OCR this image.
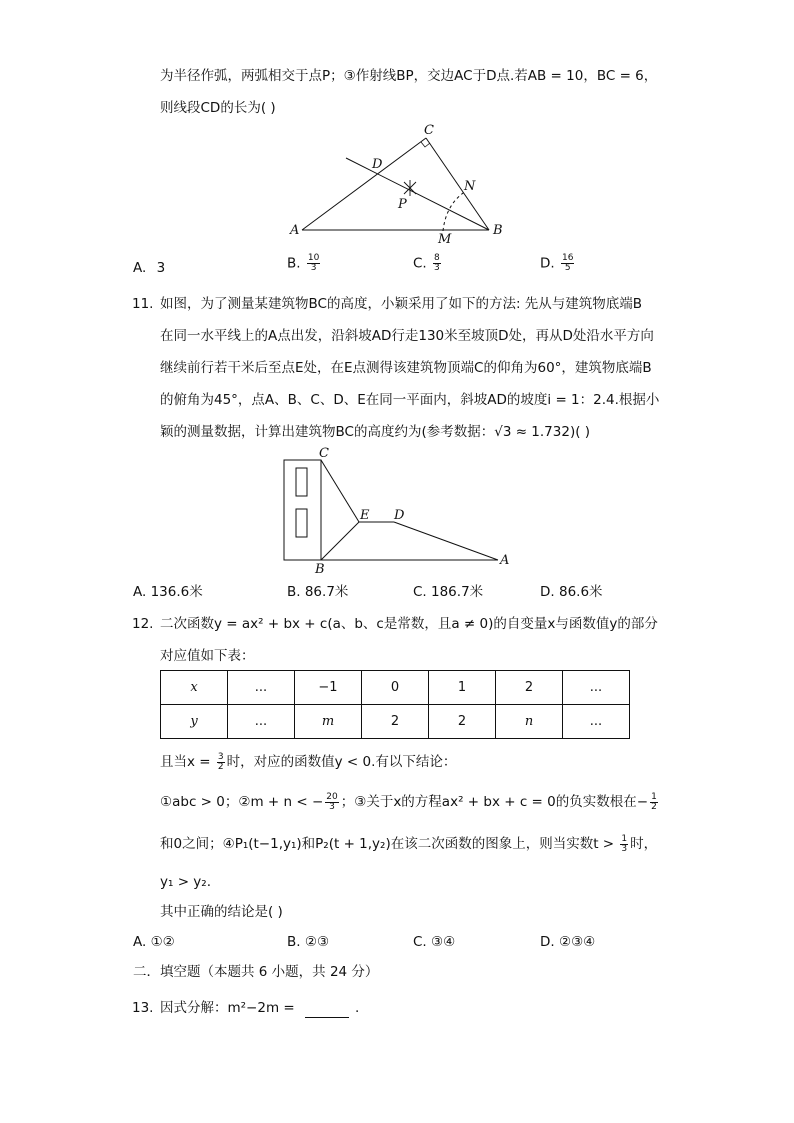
为半径作弧，两弧相交于点P；③作射线BP，交边AC于D点.若AB = 10，BC = 6，
则线段CD的长为( )
C
D
N
P
A
M
B
A. 3	B. $\frac{10}{3}$	C. $\frac{8}{3}$	D. $\frac{16}{5}$
11. 如图，为了测量某建筑物BC的高度，小颖采用了如下的方法: 先从与建筑物底端B
在同一水平线上的A点出发，沿斜坡AD行走130米至坡顶D处，再从D处沿水平方向
继续前行若干米后至点E处，在E点测得该建筑物顶端C的仰角为60°，建筑物底端B
的俯角为45°，点A、B、C、D、E在同一平面内，斜坡AD的坡度i = 1：2.4.根据小
颖的测量数据，计算出建筑物BC的高度约为(参考数据：√3 ≈ 1.732)( )
C
E D
B
A
A. 136.6米	B. 86.7米	C. 186.7米	D. 86.6米
12. 二次函数y = ax² + bx + c(a、b、c是常数，且a ≠ 0)的自变量x与函数值y的部分
对应值如下表：
x	...	−1	0	1	2	...
y	...	m	2	2	n	...
且当$x = \frac{3}{2}$ 时，对应的函数值y < 0.有以下结论：
①abc > 0；②m + n < − $\frac{20}{3}$ ；③关于x的方程ax² + bx + c = 0的负实数根在− $\frac{1}{2}$
和0之间；④P₁(t−1,y₁)和P₂(t + 1,y₂)在该二次函数的图象上，则当实数$t > \frac{1}{3}$ 时，
y₁ > y₂.
其中正确的结论是( )
A. ①②	B. ②③	C. ③④	D. ②③④
二．填空题（本题共 6 小题，共 24 分）
13. 因式分解：m²−2m =	.
